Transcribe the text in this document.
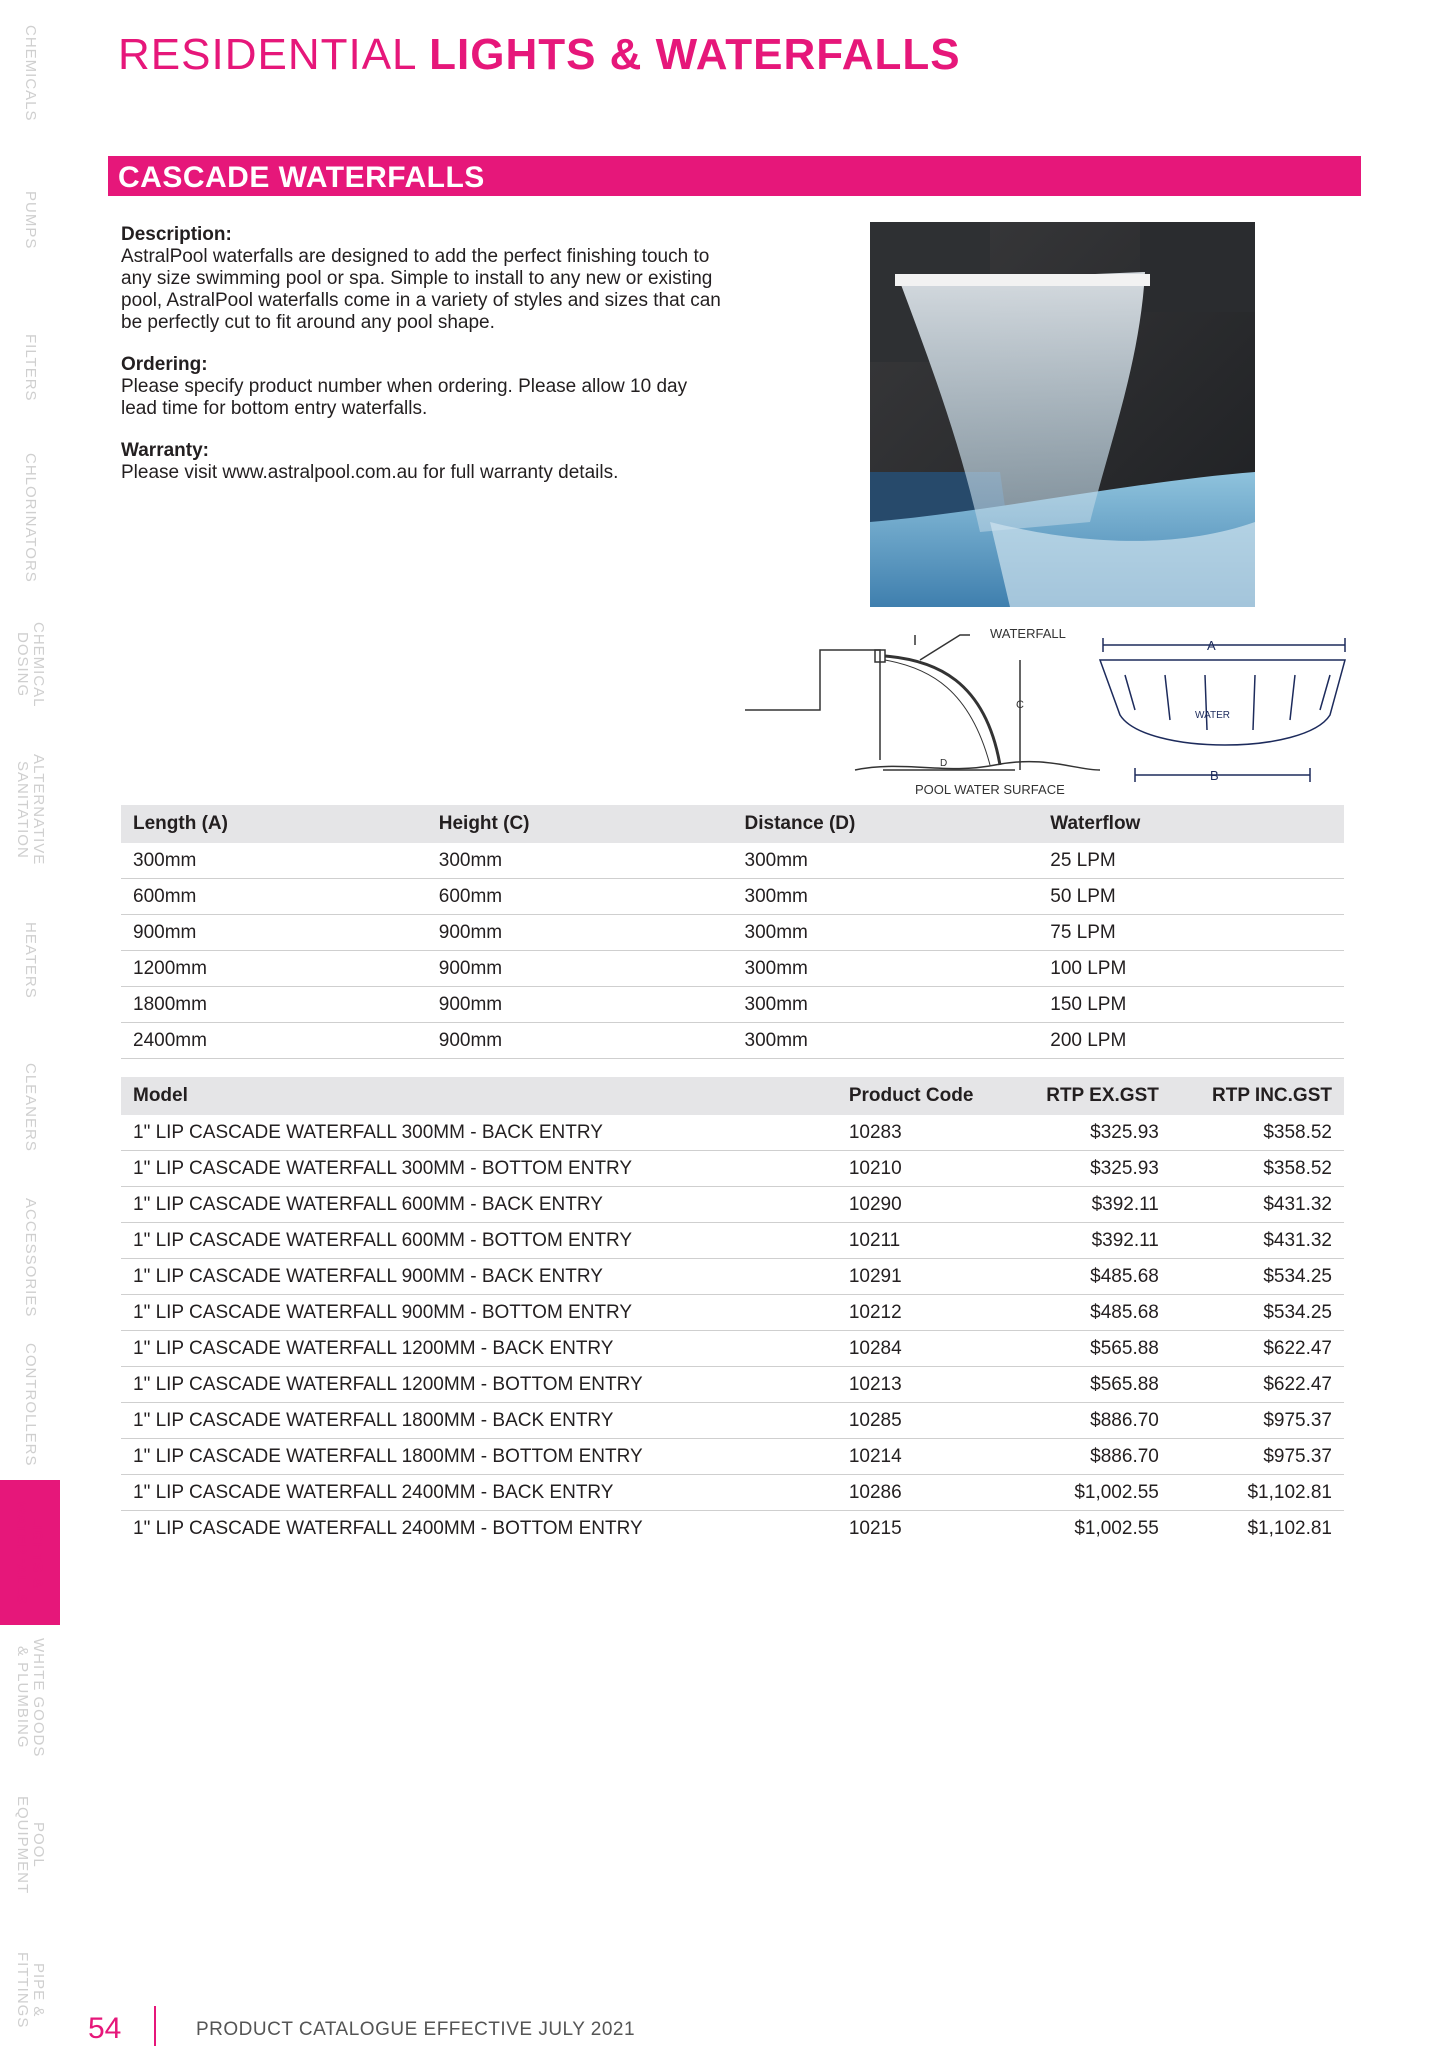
CHEMICALS
PUMPS
FILTERS
CHLORINATORS
CHEMICAL
DOSING
ALTERNATIVE
SANITATION
HEATERS
CLEANERS
ACCESSORIES
CONTROLLERS
LIGHTS &
WATERFALLS
WHITE GOODS
& PLUMBING
POOL
EQUIPMENT
PIPE &
FITTINGS
RESIDENTIAL LIGHTS & WATERFALLS
CASCADE WATERFALLS
Description:

AstralPool waterfalls are designed to add the perfect finishing touch to any size swimming pool or spa. Simple to install to any new or existing pool, AstralPool waterfalls come in a variety of styles and sizes that can be perfectly cut to fit around any pool shape.

Ordering:

Please specify product number when ordering. Please allow 10 day lead time for bottom entry waterfalls.

Warranty:

Please visit www.astralpool.com.au for full warranty details.

WATERFALL
C
D
POOL WATER SURFACE
A
WATER
B
Length (A)	Height (C)	Distance (D)	Waterflow
300mm	300mm	300mm	25 LPM
600mm	600mm	300mm	50 LPM
900mm	900mm	300mm	75 LPM
1200mm	900mm	300mm	100 LPM
1800mm	900mm	300mm	150 LPM
2400mm	900mm	300mm	200 LPM
Model	Product Code	RTP EX.GST	RTP INC.GST
1" LIP CASCADE WATERFALL 300MM - BACK ENTRY	10283	$325.93	$358.52
1" LIP CASCADE WATERFALL 300MM - BOTTOM ENTRY	10210	$325.93	$358.52
1" LIP CASCADE WATERFALL 600MM - BACK ENTRY	10290	$392.11	$431.32
1" LIP CASCADE WATERFALL 600MM - BOTTOM ENTRY	10211	$392.11	$431.32
1" LIP CASCADE WATERFALL 900MM - BACK ENTRY	10291	$485.68	$534.25
1" LIP CASCADE WATERFALL 900MM - BOTTOM ENTRY	10212	$485.68	$534.25
1" LIP CASCADE WATERFALL 1200MM - BACK ENTRY	10284	$565.88	$622.47
1" LIP CASCADE WATERFALL 1200MM - BOTTOM ENTRY	10213	$565.88	$622.47
1" LIP CASCADE WATERFALL 1800MM - BACK ENTRY	10285	$886.70	$975.37
1" LIP CASCADE WATERFALL 1800MM - BOTTOM ENTRY	10214	$886.70	$975.37
1" LIP CASCADE WATERFALL 2400MM - BACK ENTRY	10286	$1,002.55	$1,102.81
1" LIP CASCADE WATERFALL 2400MM - BOTTOM ENTRY	10215	$1,002.55	$1,102.81
54	PRODUCT CATALOGUE EFFECTIVE JULY 2021
